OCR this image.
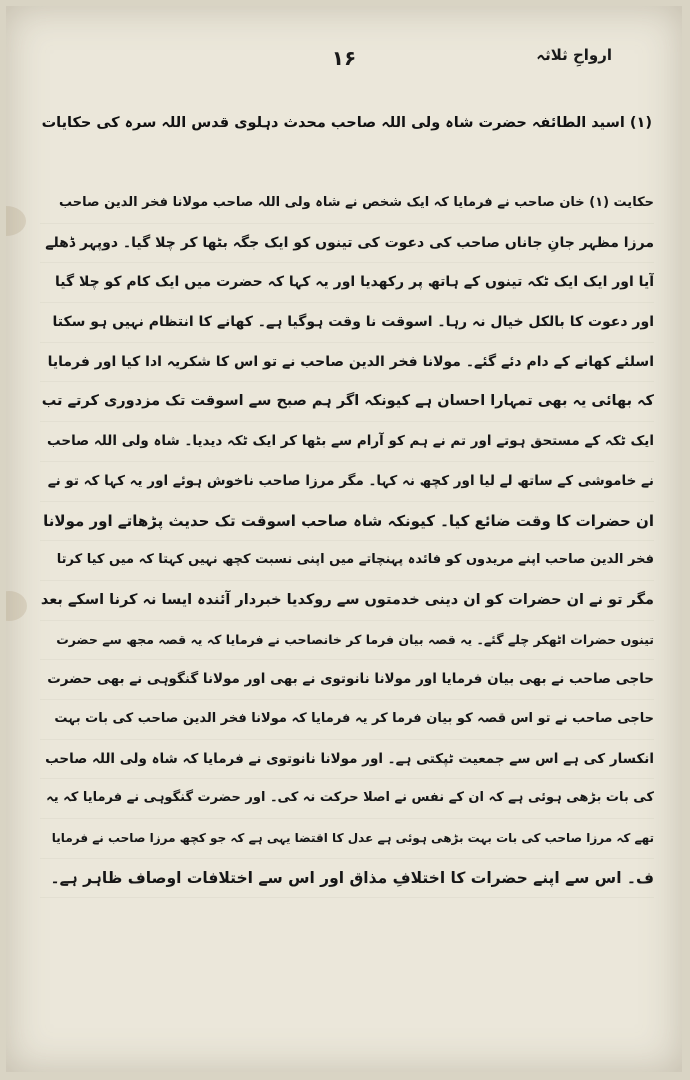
ارواحِ ثلاثہ
۱۶
(۱) اسید الطائفہ حضرت شاہ ولی اللہ صاحب محدث دہلوی قدس اللہ سرہ کی حکایات
حکایت (۱) خان صاحب نے فرمایا کہ ایک شخص نے شاہ ولی اللہ صاحب مولانا فخر الدین صاحب
مرزا مظہر جانِ جاناں صاحب کی دعوت کی تینوں کو ایک جگہ بٹھا کر چلا گیا۔ دوپہر ڈھلے
آیا اور ایک ایک ٹکہ تینوں کے ہاتھ پر رکھدیا اور یہ کہا کہ حضرت میں ایک کام کو چلا گیا
اور دعوت کا بالکل خیال نہ رہا۔ اسوقت نا وقت ہوگیا ہے۔ کھانے کا انتظام نہیں ہو سکتا
اسلئے کھانے کے دام دئے گئے۔ مولانا فخر الدین صاحب نے تو اس کا شکریہ ادا کیا اور فرمایا
کہ بھائی یہ بھی تمہارا احسان ہے کیونکہ اگر ہم صبح سے اسوقت تک مزدوری کرتے تب
ایک ٹکہ کے مستحق ہوتے اور تم نے ہم کو آرام سے بٹھا کر ایک ٹکہ دیدیا۔ شاہ ولی اللہ صاحب
نے خاموشی کے ساتھ لے لیا اور کچھ نہ کہا۔ مگر مرزا صاحب ناخوش ہوئے اور یہ کہا کہ تو نے
ان حضرات کا وقت ضائع کیا۔ کیونکہ شاہ صاحب اسوقت تک حدیث پڑھاتے اور مولانا
فخر الدین صاحب اپنے مریدوں کو فائدہ پہنچاتے میں اپنی نسبت کچھ نہیں کہتا کہ میں کیا کرتا
مگر تو نے ان حضرات کو ان دینی خدمتوں سے روکدیا خبردار آئندہ ایسا نہ کرنا اسکے بعد
تینوں حضرات اٹھکر چلے گئے۔ یہ قصہ بیان فرما کر خانصاحب نے فرمایا کہ یہ قصہ مجھ سے حضرت
حاجی صاحب نے بھی بیان فرمایا اور مولانا نانوتوی نے بھی اور مولانا گنگوہی نے بھی حضرت
حاجی صاحب نے تو اس قصہ کو بیان فرما کر یہ فرمایا کہ مولانا فخر الدین صاحب کی بات بہت
انکسار کی ہے اس سے جمعیت ٹپکتی ہے۔ اور مولانا نانوتوی نے فرمایا کہ شاہ ولی اللہ صاحب
کی بات بڑھی ہوئی ہے کہ ان کے نفس نے اصلا حرکت نہ کی۔ اور حضرت گنگوہی نے فرمایا کہ یہ
تھے کہ مرزا صاحب کی بات بہت بڑھی ہوئی ہے عدل کا اقتضا یہی ہے کہ جو کچھ مرزا صاحب نے فرمایا
ف۔ اس سے اپنے حضرات کا اختلافِ مذاق اور اس سے اختلافات اوصاف ظاہر ہے۔
